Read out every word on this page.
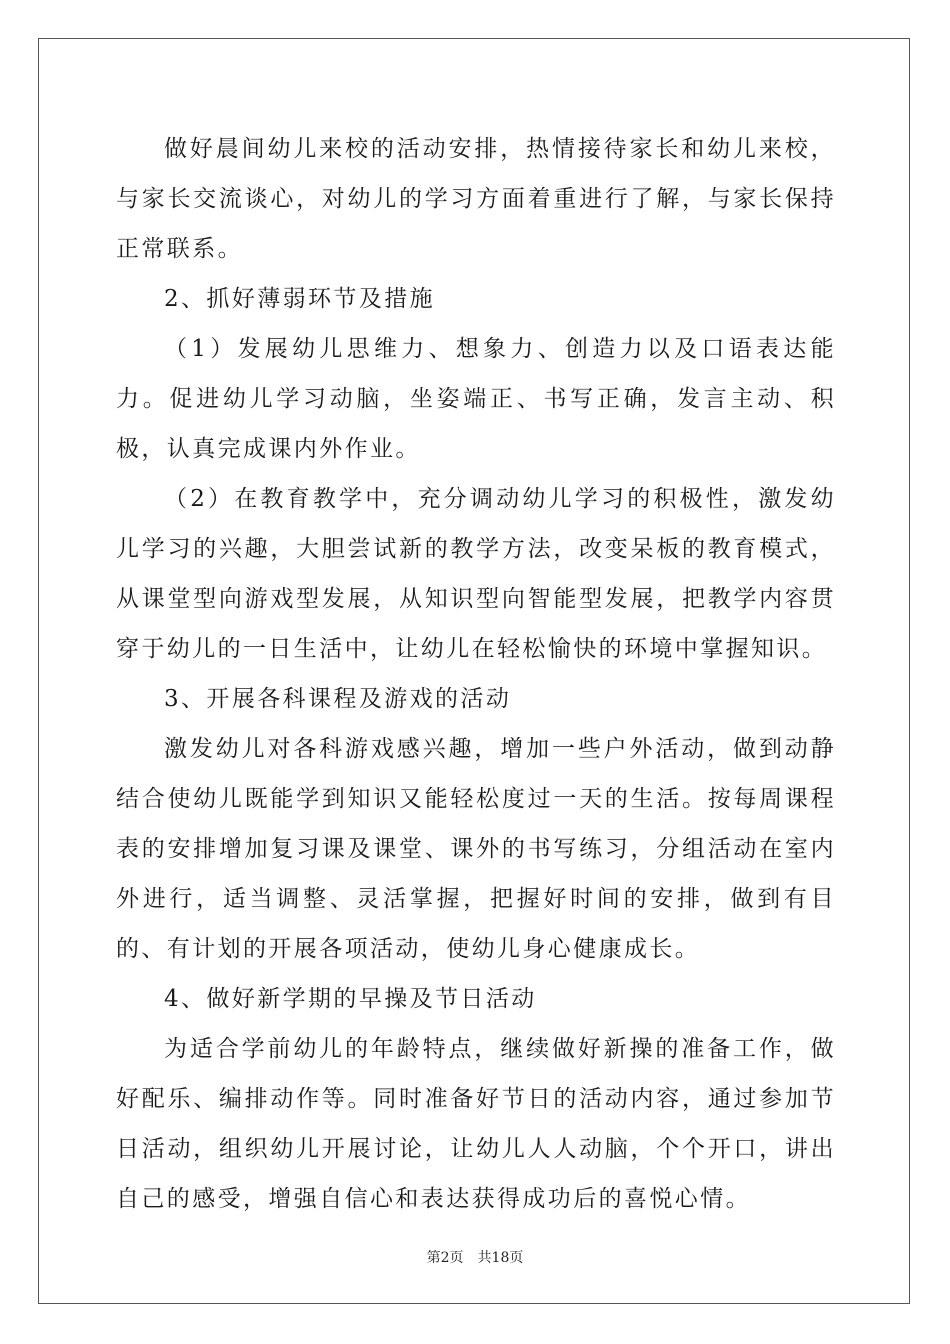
做好晨间幼儿来校的活动安排，热情接待家长和幼儿来校，与家长交流谈心，对幼儿的学习方面着重进行了解，与家长保持正常联系。

2、抓好薄弱环节及措施

（1）发展幼儿思维力、想象力、创造力以及口语表达能力。促进幼儿学习动脑，坐姿端正、书写正确，发言主动、积极，认真完成课内外作业。

（2）在教育教学中，充分调动幼儿学习的积极性，激发幼儿学习的兴趣，大胆尝试新的教学方法，改变呆板的教育模式，从课堂型向游戏型发展，从知识型向智能型发展，把教学内容贯穿于幼儿的一日生活中，让幼儿在轻松愉快的环境中掌握知识。

3、开展各科课程及游戏的活动

激发幼儿对各科游戏感兴趣，增加一些户外活动，做到动静结合使幼儿既能学到知识又能轻松度过一天的生活。按每周课程表的安排增加复习课及课堂、课外的书写练习，分组活动在室内外进行，适当调整、灵活掌握，把握好时间的安排，做到有目的、有计划的开展各项活动，使幼儿身心健康成长。

4、做好新学期的早操及节日活动

为适合学前幼儿的年龄特点，继续做好新操的准备工作，做好配乐、编排动作等。同时准备好节日的活动内容，通过参加节日活动，组织幼儿开展讨论，让幼儿人人动脑，个个开口，讲出自己的感受，增强自信心和表达获得成功后的喜悦心情。

第2页 共18页
